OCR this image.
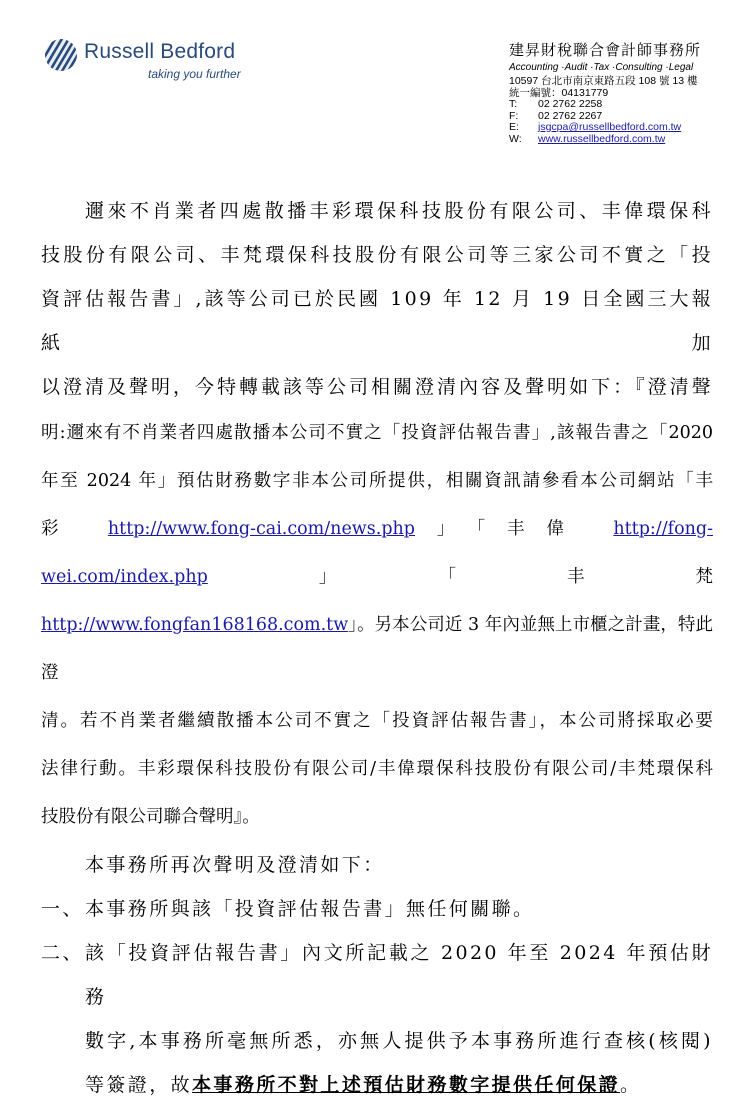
Russell Bedford
taking you further
建昇財稅聯合會計師事務所
Accounting ·Audit ·Tax ·Consulting ·Legal
10597 台北市南京東路五段 108 號 13 樓
統一編號：04131779
T:	02 2762 2258
F:	02 2762 2267
E:	jsgcpa@russellbedford.com.tw
W:	www.russellbedford.com.tw
邇來不肖業者四處散播丰彩環保科技股份有限公司、丰偉環保科
技股份有限公司、丰梵環保科技股份有限公司等三家公司不實之「投
資評估報告書」,該等公司已於民國 109 年 12 月 19 日全國三大報紙加
以澄清及聲明，今特轉載該等公司相關澄清內容及聲明如下：『澄清聲
明:邇來有不肖業者四處散播本公司不實之「投資評估報告書」,該報告書之「2020
年至 2024 年」預估財務數字非本公司所提供，相關資訊請參看本公司網站「丰
彩 http://www.fong-cai.com/news.php」「丰偉 http://fong-wei.com/index.php」「丰梵
http://www.fongfan168168.com.tw」。另本公司近 3 年內並無上市櫃之計畫，特此澄
清。若不肖業者繼續散播本公司不實之「投資評估報告書」，本公司將採取必要
法律行動。丰彩環保科技股份有限公司/丰偉環保科技股份有限公司/丰梵環保科
技股份有限公司聯合聲明』。
本事務所再次聲明及澄清如下：
一、 本事務所與該「投資評估報告書」無任何關聯。
二、 該「投資評估報告書」內文所記載之 2020 年至 2024 年預估財務
數字,本事務所毫無所悉，亦無人提供予本事務所進行查核(核閱)
等簽證，故本事務所不對上述預估財務數字提供任何保證。
